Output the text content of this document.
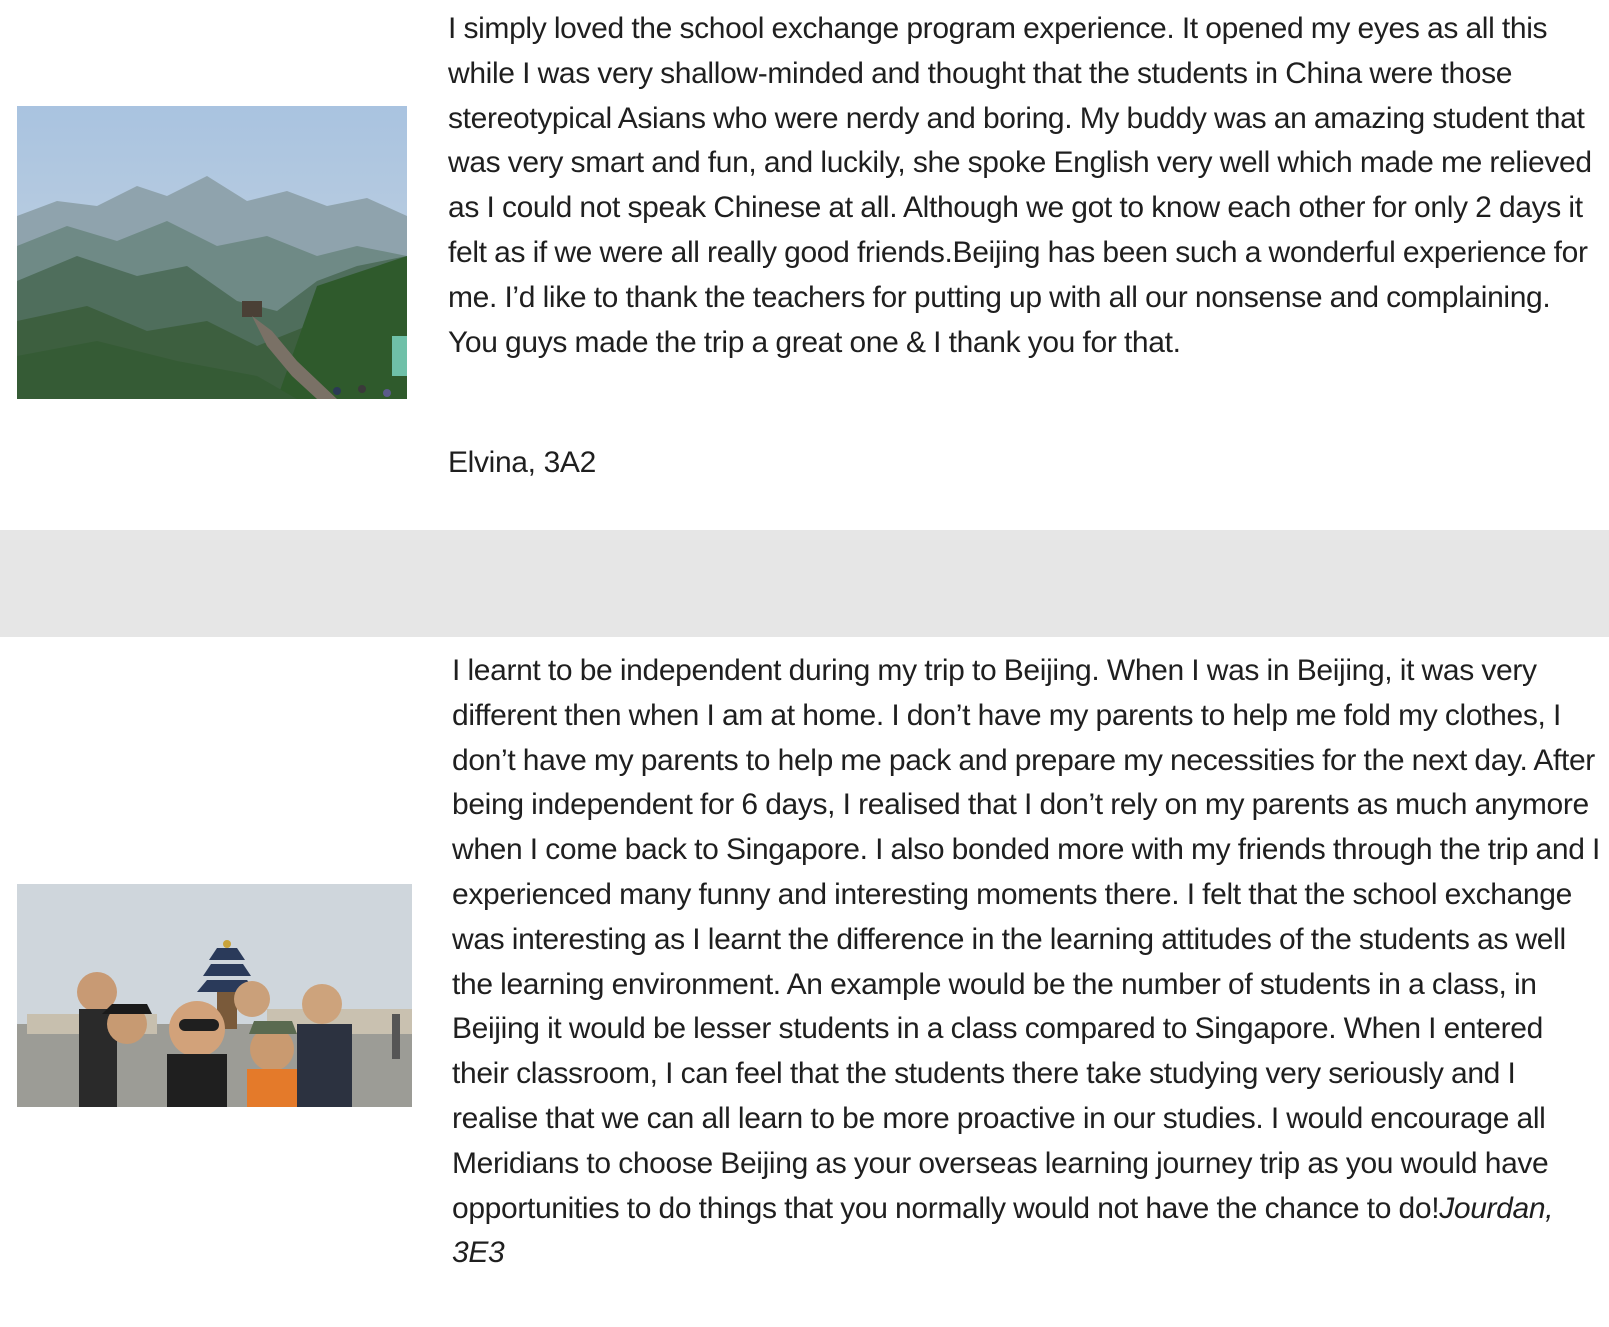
I simply loved the school exchange program experience. It opened my eyes as all this while I was very shallow-minded and thought that the students in China were those stereotypical Asians who were nerdy and boring. My buddy was an amazing student that was very smart and fun, and luckily, she spoke English very well which made me relieved as I could not speak Chinese at all. Although we got to know each other for only 2 days it felt as if we were all really good friends.Beijing has been such a wonderful experience for me. I’d like to thank the teachers for putting up with all our nonsense and complaining. You guys made the trip a great one & I thank you for that.

Elvina, 3A2

I learnt to be independent during my trip to Beijing. When I was in Beijing, it was very different then when I am at home. I don’t have my parents to help me fold my clothes, I don’t have my parents to help me pack and prepare my necessities for the next day. After being independent for 6 days, I realised that I don’t rely on my parents as much anymore when I come back to Singapore. I also bonded more with my friends through the trip and I experienced many funny and interesting moments there. I felt that the school exchange was interesting as I learnt the difference in the learning attitudes of the students as well the learning environment. An example would be the number of students in a class, in Beijing it would be lesser students in a class compared to Singapore. When I entered their classroom, I can feel that the students there take studying very seriously and I realise that we can all learn to be more proactive in our studies. I would encourage all Meridians to choose Beijing as your overseas learning journey trip as you would have opportunities to do things that you normally would not have the chance to do!Jourdan, 3E3
